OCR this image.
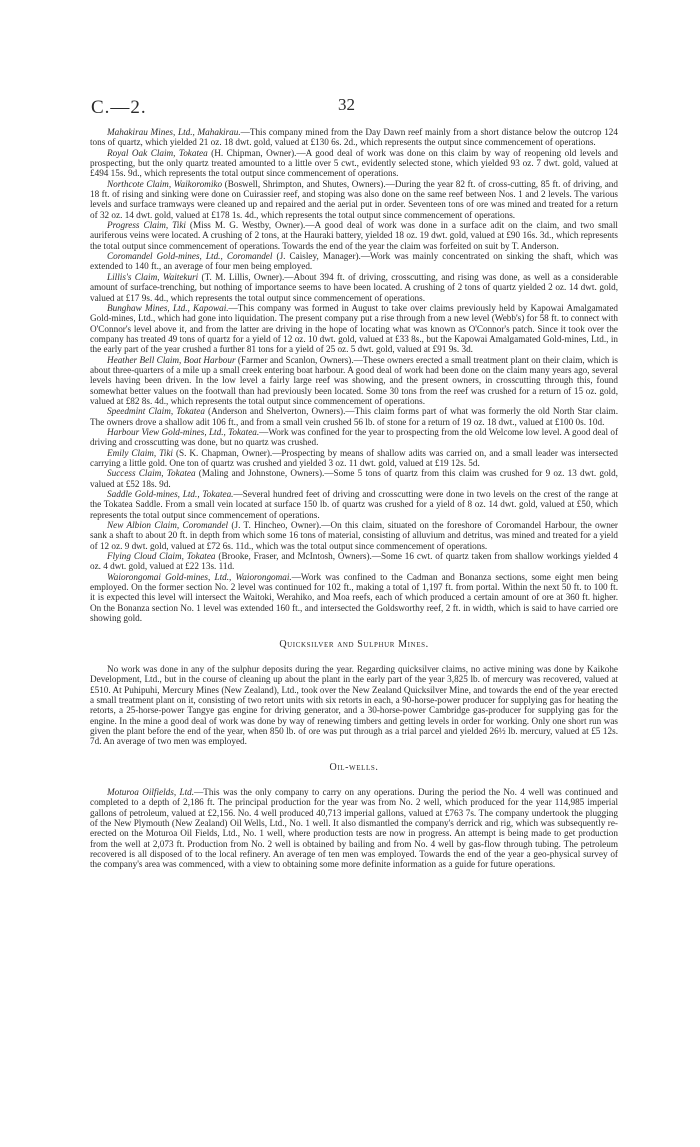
C.—2.	32

Mahakirau Mines, Ltd., Mahakirau.—This company mined from the Day Dawn reef mainly from a short distance below the outcrop 124 tons of quartz, which yielded 21 oz. 18 dwt. gold, valued at £130 6s. 2d., which represents the output since commencement of operations.

Royal Oak Claim, Tokatea (H. Chipman, Owner).—A good deal of work was done on this claim by way of reopening old levels and prospecting, but the only quartz treated amounted to a little over 5 cwt., evidently selected stone, which yielded 93 oz. 7 dwt. gold, valued at £494 15s. 9d., which represents the total output since commencement of operations.

Northcote Claim, Waikoromiko (Boswell, Shrimpton, and Shutes, Owners).—During the year 82 ft. of cross-cutting, 85 ft. of driving, and 18 ft. of rising and sinking were done on Cuirassier reef, and stoping was also done on the same reef between Nos. 1 and 2 levels. The various levels and surface tramways were cleaned up and repaired and the aerial put in order. Seventeen tons of ore was mined and treated for a return of 32 oz. 14 dwt. gold, valued at £178 1s. 4d., which represents the total output since commencement of operations.

Progress Claim, Tiki (Miss M. G. Westby, Owner).—A good deal of work was done in a surface adit on the claim, and two small auriferous veins were located. A crushing of 2 tons, at the Hauraki battery, yielded 18 oz. 19 dwt. gold, valued at £90 16s. 3d., which represents the total output since commencement of operations. Towards the end of the year the claim was forfeited on suit by T. Anderson.

Coromandel Gold-mines, Ltd., Coromandel (J. Caisley, Manager).—Work was mainly concentrated on sinking the shaft, which was extended to 140 ft., an average of four men being employed.

Lillis's Claim, Waitekuri (T. M. Lillis, Owner).—About 394 ft. of driving, crosscutting, and rising was done, as well as a considerable amount of surface-trenching, but nothing of importance seems to have been located. A crushing of 2 tons of quartz yielded 2 oz. 14 dwt. gold, valued at £17 9s. 4d., which represents the total output since commencement of operations.

Bunghaw Mines, Ltd., Kapowai.—This company was formed in August to take over claims previously held by Kapowai Amalgamated Gold-mines, Ltd., which had gone into liquidation. The present company put a rise through from a new level (Webb's) for 58 ft. to connect with O'Connor's level above it, and from the latter are driving in the hope of locating what was known as O'Connor's patch. Since it took over the company has treated 49 tons of quartz for a yield of 12 oz. 10 dwt. gold, valued at £33 8s., but the Kapowai Amalgamated Gold-mines, Ltd., in the early part of the year crushed a further 81 tons for a yield of 25 oz. 5 dwt. gold, valued at £91 9s. 3d.

Heather Bell Claim, Boat Harbour (Farmer and Scanlon, Owners).—These owners erected a small treatment plant on their claim, which is about three-quarters of a mile up a small creek entering boat harbour. A good deal of work had been done on the claim many years ago, several levels having been driven. In the low level a fairly large reef was showing, and the present owners, in crosscutting through this, found somewhat better values on the footwall than had previously been located. Some 30 tons from the reef was crushed for a return of 15 oz. gold, valued at £82 8s. 4d., which represents the total output since commencement of operations.

Speedmint Claim, Tokatea (Anderson and Shelverton, Owners).—This claim forms part of what was formerly the old North Star claim. The owners drove a shallow adit 106 ft., and from a small vein crushed 56 lb. of stone for a return of 19 oz. 18 dwt., valued at £100 0s. 10d.

Harbour View Gold-mines, Ltd., Tokatea.—Work was confined for the year to prospecting from the old Welcome low level. A good deal of driving and crosscutting was done, but no quartz was crushed.

Emily Claim, Tiki (S. K. Chapman, Owner).—Prospecting by means of shallow adits was carried on, and a small leader was intersected carrying a little gold. One ton of quartz was crushed and yielded 3 oz. 11 dwt. gold, valued at £19 12s. 5d.

Success Claim, Tokatea (Maling and Johnstone, Owners).—Some 5 tons of quartz from this claim was crushed for 9 oz. 13 dwt. gold, valued at £52 18s. 9d.

Saddle Gold-mines, Ltd., Tokatea.—Several hundred feet of driving and crosscutting were done in two levels on the crest of the range at the Tokatea Saddle. From a small vein located at surface 150 lb. of quartz was crushed for a yield of 8 oz. 14 dwt. gold, valued at £50, which represents the total output since commencement of operations.

New Albion Claim, Coromandel (J. T. Hincheo, Owner).—On this claim, situated on the foreshore of Coromandel Harbour, the owner sank a shaft to about 20 ft. in depth from which some 16 tons of material, consisting of alluvium and detritus, was mined and treated for a yield of 12 oz. 9 dwt. gold, valued at £72 6s. 11d., which was the total output since commencement of operations.

Flying Cloud Claim, Tokatea (Brooke, Fraser, and McIntosh, Owners).—Some 16 cwt. of quartz taken from shallow workings yielded 4 oz. 4 dwt. gold, valued at £22 13s. 11d.

Waiorongomai Gold-mines, Ltd., Waiorongomai.—Work was confined to the Cadman and Bonanza sections, some eight men being employed. On the former section No. 2 level was continued for 102 ft., making a total of 1,197 ft. from portal. Within the next 50 ft. to 100 ft. it is expected this level will intersect the Waitoki, Werahiko, and Moa reefs, each of which produced a certain amount of ore at 360 ft. higher. On the Bonanza section No. 1 level was extended 160 ft., and intersected the Goldsworthy reef, 2 ft. in width, which is said to have carried ore showing gold.

Quicksilver and Sulphur Mines.

No work was done in any of the sulphur deposits during the year. Regarding quicksilver claims, no active mining was done by Kaikohe Development, Ltd., but in the course of cleaning up about the plant in the early part of the year 3,825 lb. of mercury was recovered, valued at £510. At Puhipuhi, Mercury Mines (New Zealand), Ltd., took over the New Zealand Quicksilver Mine, and towards the end of the year erected a small treatment plant on it, consisting of two retort units with six retorts in each, a 90-horse-power producer for supplying gas for heating the retorts, a 25-horse-power Tangye gas engine for driving generator, and a 30-horse-power Cambridge gas-producer for supplying gas for the engine. In the mine a good deal of work was done by way of renewing timbers and getting levels in order for working. Only one short run was given the plant before the end of the year, when 850 lb. of ore was put through as a trial parcel and yielded 26½ lb. mercury, valued at £5 12s. 7d. An average of two men was employed.

Oil-wells.

Moturoa Oilfields, Ltd.—This was the only company to carry on any operations. During the period the No. 4 well was continued and completed to a depth of 2,186 ft. The principal production for the year was from No. 2 well, which produced for the year 114,985 imperial gallons of petroleum, valued at £2,156. No. 4 well produced 40,713 imperial gallons, valued at £763 7s. The company undertook the plugging of the New Plymouth (New Zealand) Oil Wells, Ltd., No. 1 well. It also dismantled the company's derrick and rig, which was subsequently re-erected on the Moturoa Oil Fields, Ltd., No. 1 well, where production tests are now in progress. An attempt is being made to get production from the well at 2,073 ft. Production from No. 2 well is obtained by bailing and from No. 4 well by gas-flow through tubing. The petroleum recovered is all disposed of to the local refinery. An average of ten men was employed. Towards the end of the year a geo-physical survey of the company's area was commenced, with a view to obtaining some more definite information as a guide for future operations.
